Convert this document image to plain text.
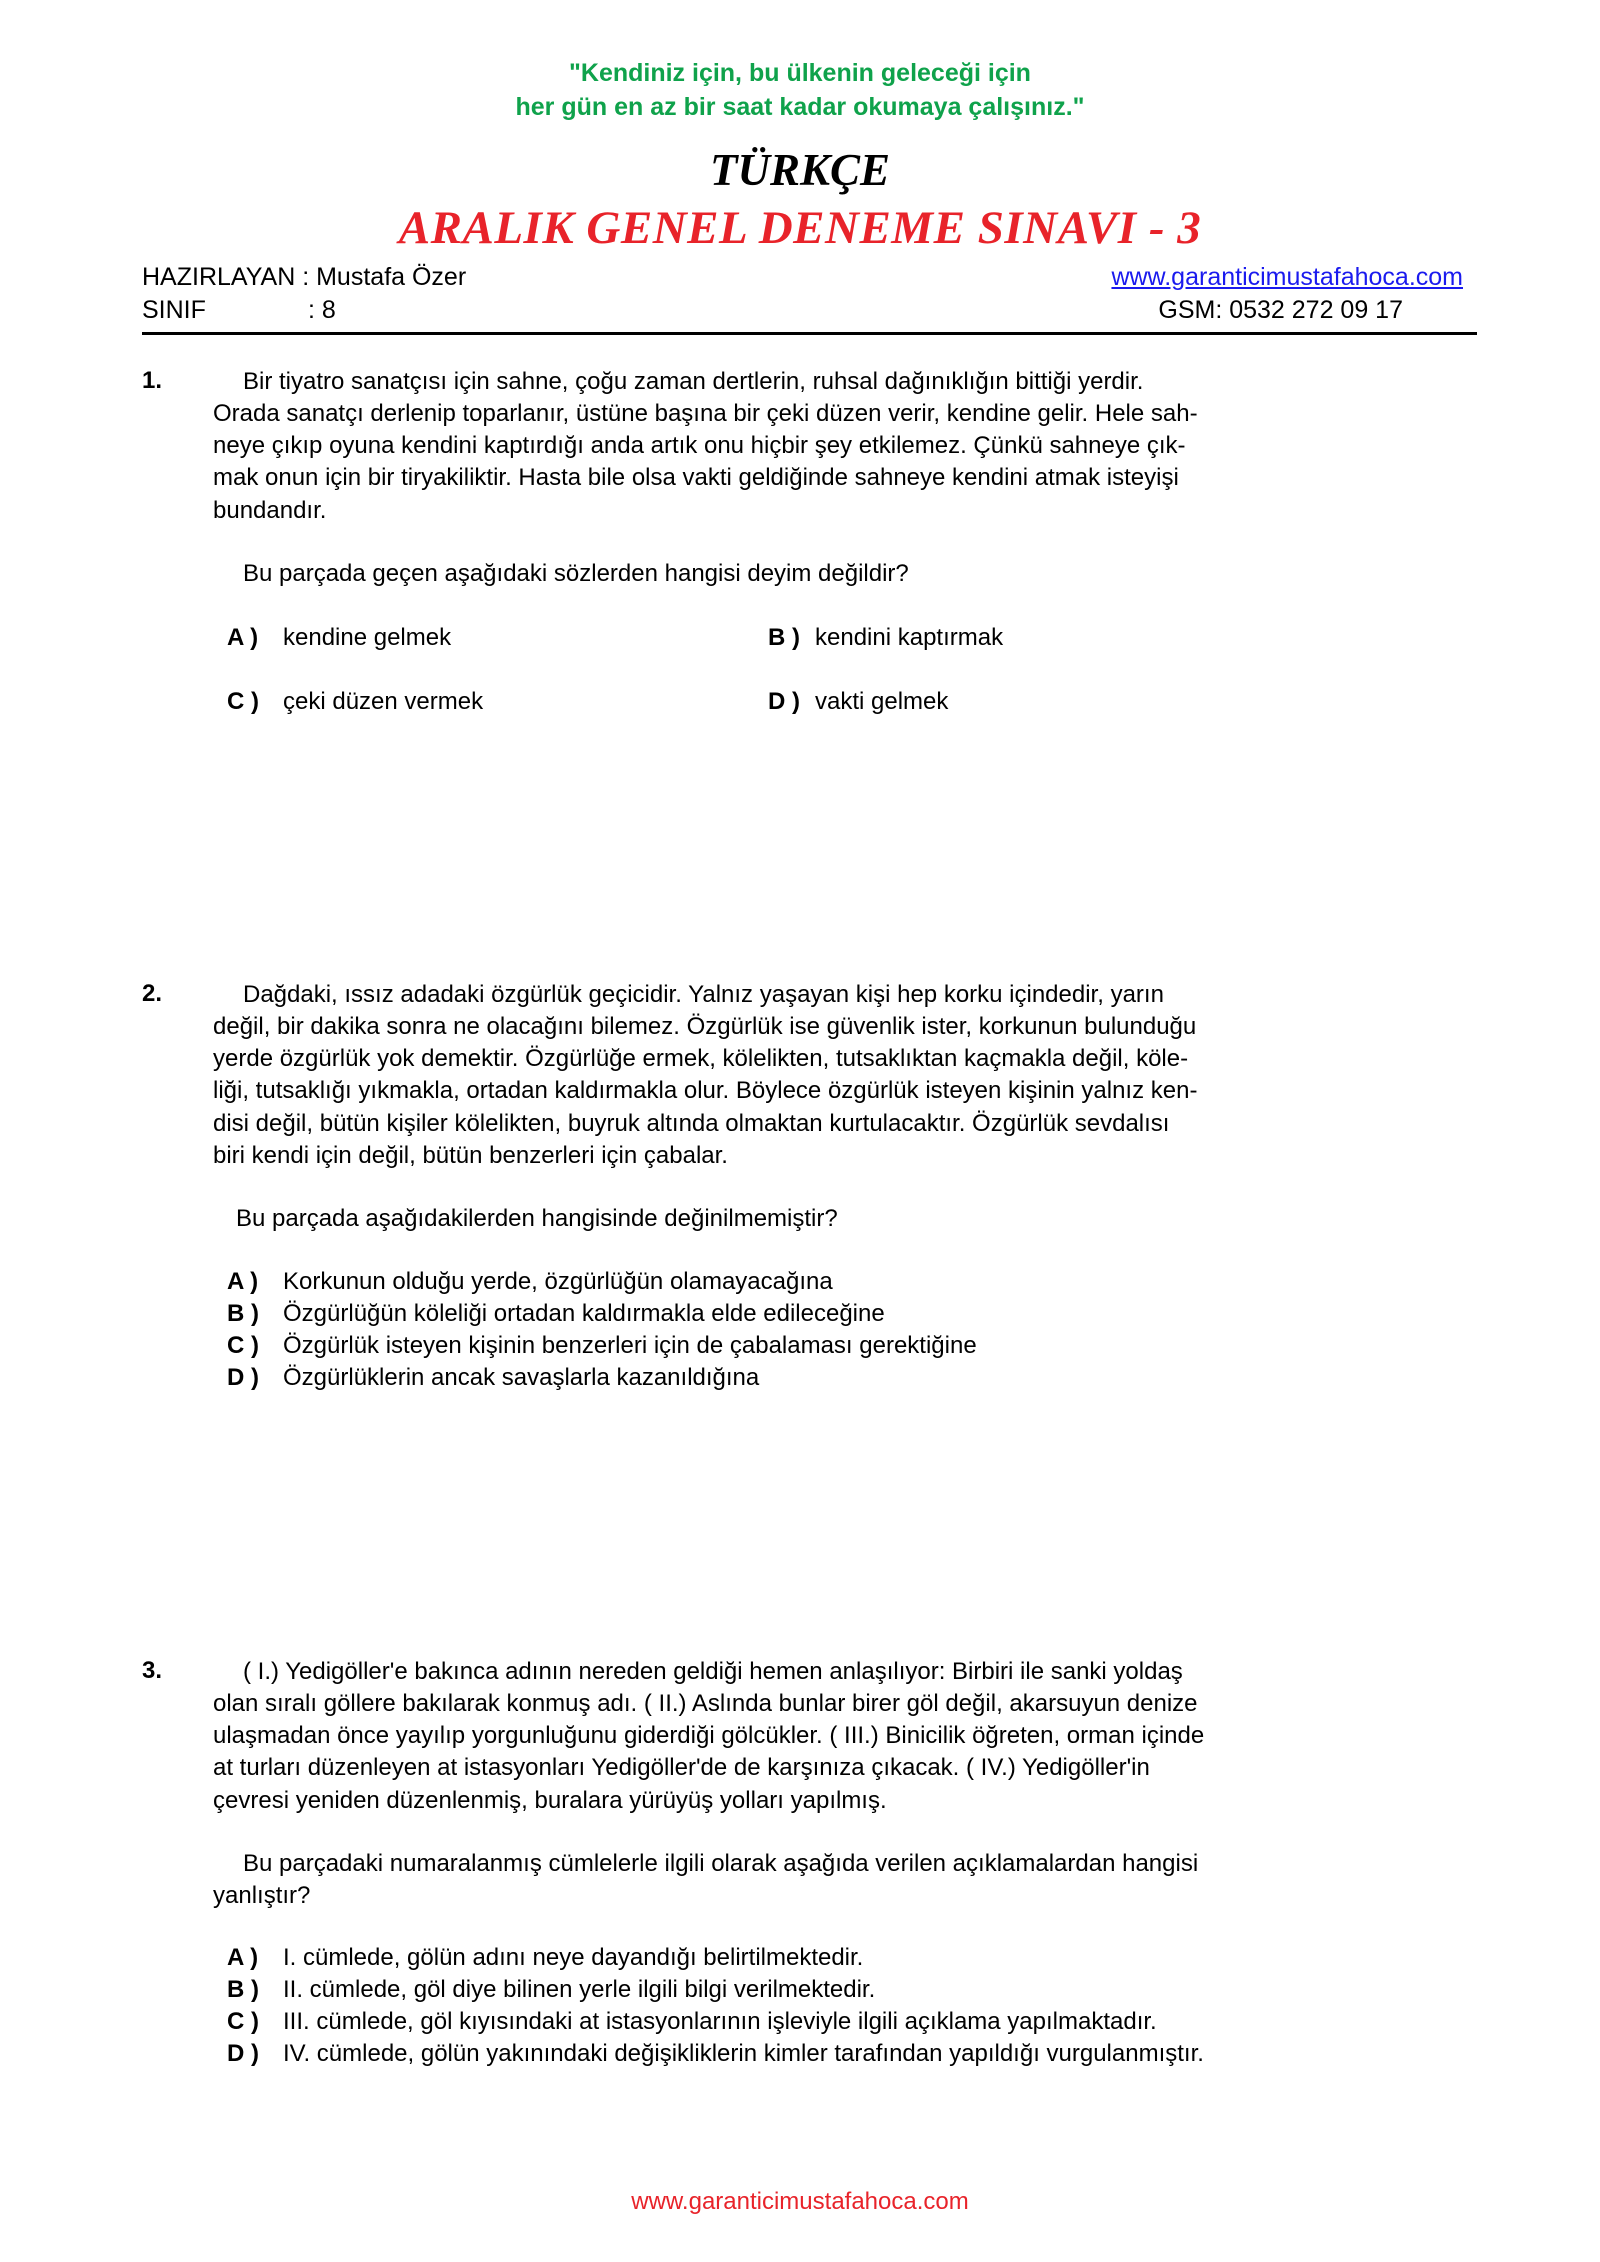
"Kendiniz için, bu ülkenin geleceği için
her gün en az bir saat kadar okumaya çalışınız."
TÜRKÇE
ARALIK GENEL DENEME SINAVI - 3
HAZIRLAYAN : Mustafa Özer	www.garanticimustafahoca.com
SINIF	: 8	GSM: 0532 272 09 17
1.	Bir tiyatro sanatçısı için sahne, çoğu zaman dertlerin, ruhsal dağınıklığın bittiği yerdir.
Orada sanatçı derlenip toparlanır, üstüne başına bir çeki düzen verir, kendine gelir. Hele sah-
neye çıkıp oyuna kendini kaptırdığı anda artık onu hiçbir şey etkilemez. Çünkü sahneye çık-
mak onun için bir tiryakiliktir. Hasta bile olsa vakti geldiğinde sahneye kendini atmak isteyişi
bundandır.
Bu parçada geçen aşağıdaki sözlerden hangisi deyim değildir?
A ) kendine gelmek	B ) kendini kaptırmak
C ) çeki düzen vermek	D ) vakti gelmek
2.	Dağdaki, ıssız adadaki özgürlük geçicidir. Yalnız yaşayan kişi hep korku içindedir, yarın
değil, bir dakika sonra ne olacağını bilemez. Özgürlük ise güvenlik ister, korkunun bulunduğu
yerde özgürlük yok demektir. Özgürlüğe ermek, kölelikten, tutsaklıktan kaçmakla değil, köle-
liği, tutsaklığı yıkmakla, ortadan kaldırmakla olur. Böylece özgürlük isteyen kişinin yalnız ken-
disi değil, bütün kişiler kölelikten, buyruk altında olmaktan kurtulacaktır. Özgürlük sevdalısı
biri kendi için değil, bütün benzerleri için çabalar.
Bu parçada aşağıdakilerden hangisinde değinilmemiştir?
A ) Korkunun olduğu yerde, özgürlüğün olamayacağına
B ) Özgürlüğün köleliği ortadan kaldırmakla elde edileceğine
C ) Özgürlük isteyen kişinin benzerleri için de çabalaması gerektiğine
D ) Özgürlüklerin ancak savaşlarla kazanıldığına
3.	( I.) Yedigöller'e bakınca adının nereden geldiği hemen anlaşılıyor: Birbiri ile sanki yoldaş
olan sıralı göllere bakılarak konmuş adı. ( II.) Aslında bunlar birer göl değil, akarsuyun denize
ulaşmadan önce yayılıp yorgunluğunu giderdiği gölcükler. ( III.) Binicilik öğreten, orman içinde
at turları düzenleyen at istasyonları Yedigöller'de de karşınıza çıkacak. ( IV.) Yedigöller'in
çevresi yeniden düzenlenmiş, buralara yürüyüş yolları yapılmış.
Bu parçadaki numaralanmış cümlelerle ilgili olarak aşağıda verilen açıklamalardan hangisi
yanlıştır?
A ) I. cümlede, gölün adını neye dayandığı belirtilmektedir.
B ) II. cümlede, göl diye bilinen yerle ilgili bilgi verilmektedir.
C ) III. cümlede, göl kıyısındaki at istasyonlarının işleviyle ilgili açıklama yapılmaktadır.
D ) IV. cümlede, gölün yakınındaki değişikliklerin kimler tarafından yapıldığı vurgulanmıştır.
www.garanticimustafahoca.com
